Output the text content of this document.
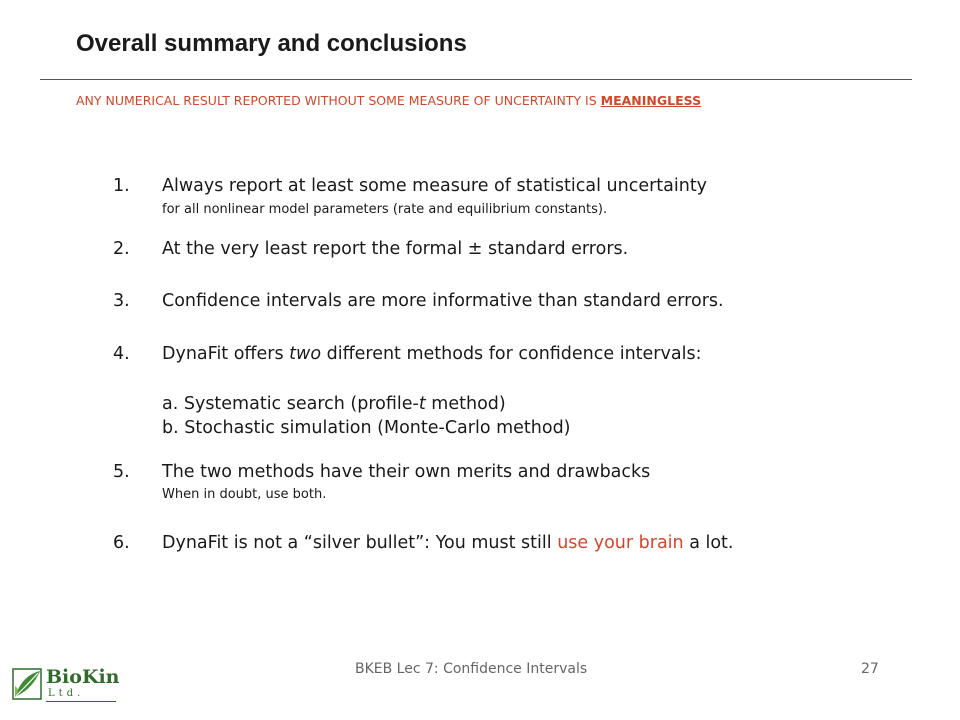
Overall summary and conclusions
ANY NUMERICAL RESULT REPORTED WITHOUT SOME MEASURE OF UNCERTAINTY IS MEANINGLESS
1. Always report at least some measure of statistical uncertainty
for all nonlinear model parameters (rate and equilibrium constants).
2. At the very least report the formal ± standard errors.
3. Confidence intervals are more informative than standard errors.
4. DynaFit offers two different methods for confidence intervals:
a. Systematic search (profile-t method)
b. Stochastic simulation (Monte-Carlo method)
5. The two methods have their own merits and drawbacks
When in doubt, use both.
6. DynaFit is not a “silver bullet”: You must still use your brain a lot.
BKEB Lec 7: Confidence Intervals	27
BioKin
Ltd.
